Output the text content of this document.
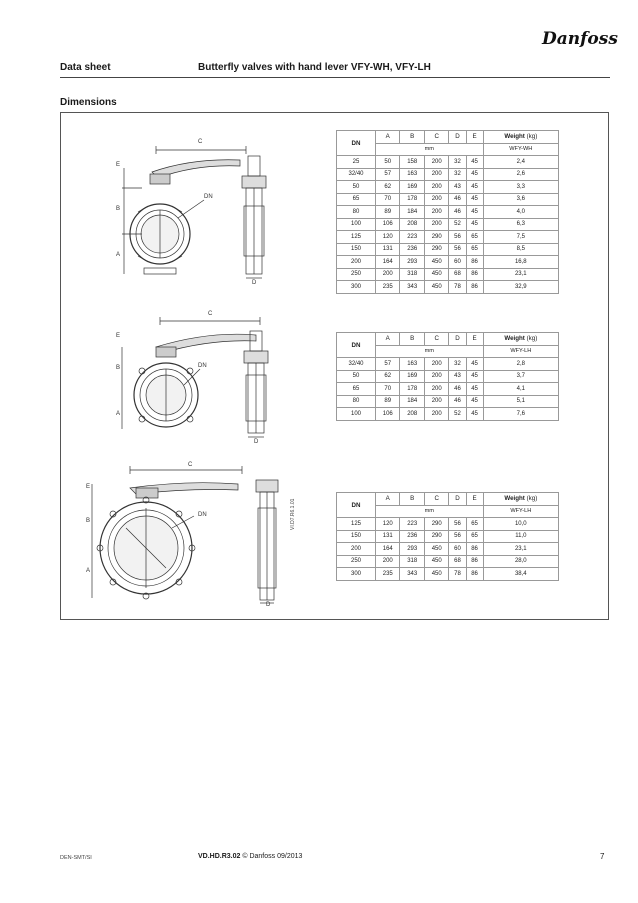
Danfoss
Data sheet	Butterfly valves with hand lever VFY-WH, VFY-LH
Dimensions
C
E
B
A
DN
D
C
E
B
A
DN
D
C
E
B
A
DN
D
VI.D7.R6.1.01
DN	A	B	C	D	E	Weight (kg)
	mm					WFY-WH
25	50	158	200	32	45	2,4
32/40	57	163	200	32	45	2,6
50	62	169	200	43	45	3,3
65	70	178	200	46	45	3,6
80	89	184	200	46	45	4,0
100	106	208	200	52	45	6,3
125	120	223	290	56	65	7,5
150	131	236	290	56	65	8,5
200	164	293	450	60	86	16,8
250	200	318	450	68	86	23,1
300	235	343	450	78	86	32,9
DN	A	B	C	D	E	Weight (kg)
	mm					WFY-LH
32/40	57	163	200	32	45	2,8
50	62	169	200	43	45	3,7
65	70	178	200	46	45	4,1
80	89	184	200	46	45	5,1
100	106	208	200	52	45	7,6
DN	A	B	C	D	E	Weight (kg)
	mm					WFY-LH
125	120	223	290	56	65	10,0
150	131	236	290	56	65	11,0
200	164	293	450	60	86	23,1
250	200	318	450	68	86	28,0
300	235	343	450	78	86	38,4
DEN-SMT/SI	VD.HD.R3.02 © Danfoss 09/2013	7
